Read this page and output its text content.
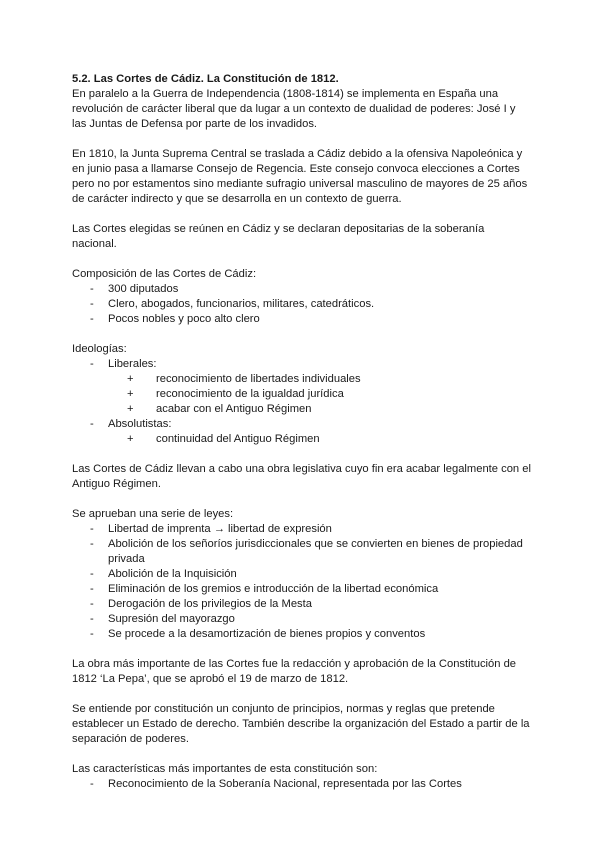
5.2. Las Cortes de Cádiz. La Constitución de 1812.

En paralelo a la Guerra de Independencia (1808-1814) se implementa en España una revolución de carácter liberal que da lugar a un contexto de dualidad de poderes: José I y las Juntas de Defensa por parte de los invadidos.

En 1810, la Junta Suprema Central se traslada a Cádiz debido a la ofensiva Napoleónica y en junio pasa a llamarse Consejo de Regencia. Este consejo convoca elecciones a Cortes pero no por estamentos sino mediante sufragio universal masculino de mayores de 25 años de carácter indirecto y que se desarrolla en un contexto de guerra.

Las Cortes elegidas se reúnen en Cádiz y se declaran depositarias de la soberanía nacional.

Composición de las Cortes de Cádiz:

- 300 diputados
- Clero, abogados, funcionarios, militares, catedráticos.
- Pocos nobles y poco alto clero

Ideologías:

- Liberales:
+ reconocimiento de libertades individuales
+ reconocimiento de la igualdad jurídica
+ acabar con el Antiguo Régimen
- Absolutistas:
+ continuidad del Antiguo Régimen

Las Cortes de Cádiz llevan a cabo una obra legislativa cuyo fin era acabar legalmente con el Antiguo Régimen.

Se aprueban una serie de leyes:

- Libertad de imprenta → libertad de expresión
- Abolición de los señoríos jurisdiccionales que se convierten en bienes de propiedad privada
- Abolición de la Inquisición
- Eliminación de los gremios e introducción de la libertad económica
- Derogación de los privilegios de la Mesta
- Supresión del mayorazgo
- Se procede a la desamortización de bienes propios y conventos

La obra más importante de las Cortes fue la redacción y aprobación de la Constitución de 1812 ‘La Pepa’, que se aprobó el 19 de marzo de 1812.

Se entiende por constitución un conjunto de principios, normas y reglas que pretende establecer un Estado de derecho. También describe la organización del Estado a partir de la separación de poderes.

Las características más importantes de esta constitución son:

- Reconocimiento de la Soberanía Nacional, representada por las Cortes
